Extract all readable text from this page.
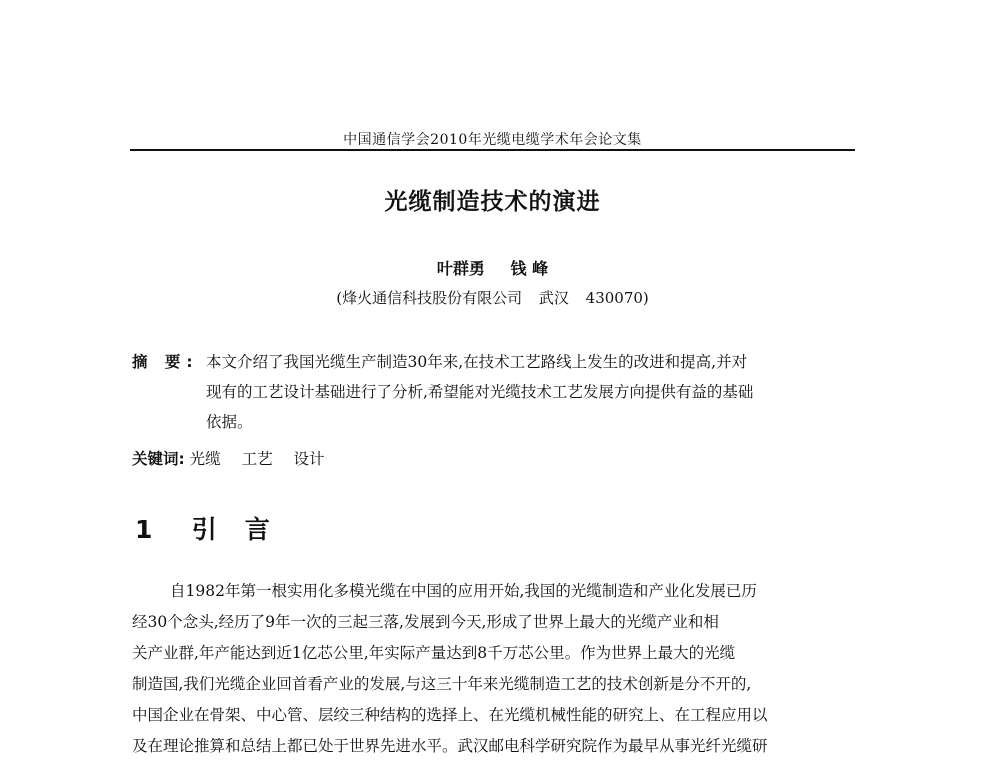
中国通信学会2010年光缆电缆学术年会论文集
光缆制造技术的演进
叶群勇 钱 峰
(烽火通信科技股份有限公司 武汉 430070)
摘 要: 本文介绍了我国光缆生产制造30年来,在技术工艺路线上发生的改进和提高,并对
现有的工艺设计基础进行了分析,希望能对光缆技术工艺发展方向提供有益的基础
依据。
关键词: 光缆 工艺 设计
1 引言
自1982年第一根实用化多模光缆在中国的应用开始,我国的光缆制造和产业化发展已历
经30个念头,经历了9年一次的三起三落,发展到今天,形成了世界上最大的光缆产业和相
关产业群,年产能达到近1亿芯公里,年实际产量达到8千万芯公里。作为世界上最大的光缆
制造国,我们光缆企业回首看产业的发展,与这三十年来光缆制造工艺的技术创新是分不开的,
中国企业在骨架、中心管、层绞三种结构的选择上、在光缆机械性能的研究上、在工程应用以
及在理论推算和总结上都已处于世界先进水平。武汉邮电科学研究院作为最早从事光纤光缆研
